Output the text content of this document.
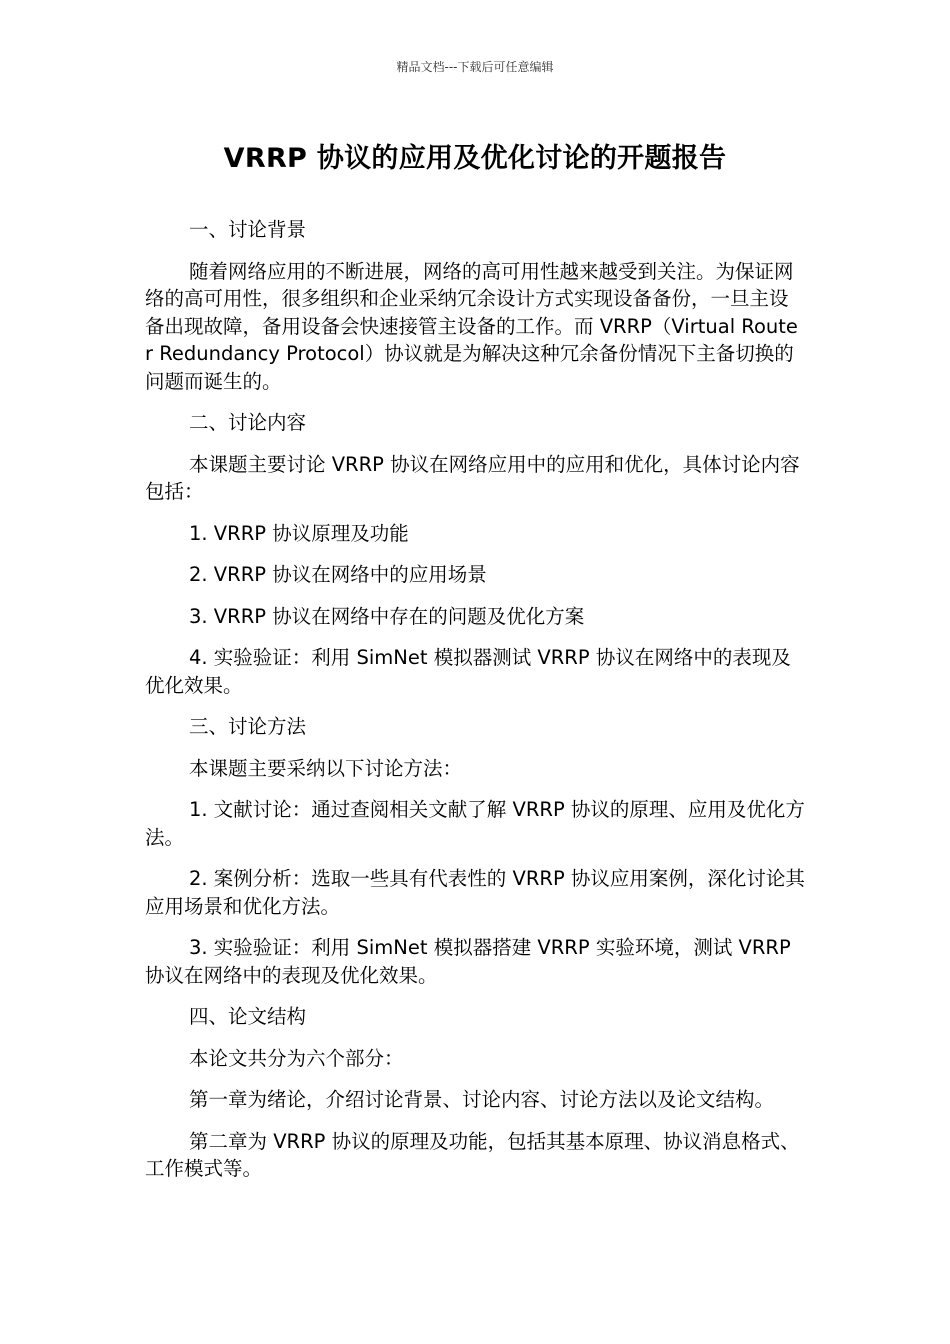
精品文档---下载后可任意编辑
VRRP 协议的应用及优化讨论的开题报告

一、讨论背景

随着网络应用的不断进展，网络的高可用性越来越受到关注。为保证网络的高可用性，很多组织和企业采纳冗余设计方式实现设备备份，一旦主设备出现故障，备用设备会快速接管主设备的工作。而 VRRP（Virtual Router Redundancy Protocol）协议就是为解决这种冗余备份情况下主备切换的问题而诞生的。

二、讨论内容

本课题主要讨论 VRRP 协议在网络应用中的应用和优化，具体讨论内容包括：

1. VRRP 协议原理及功能

2. VRRP 协议在网络中的应用场景

3. VRRP 协议在网络中存在的问题及优化方案

4. 实验验证：利用 SimNet 模拟器测试 VRRP 协议在网络中的表现及优化效果。

三、讨论方法

本课题主要采纳以下讨论方法：

1. 文献讨论：通过查阅相关文献了解 VRRP 协议的原理、应用及优化方法。

2. 案例分析：选取一些具有代表性的 VRRP 协议应用案例，深化讨论其应用场景和优化方法。

3. 实验验证：利用 SimNet 模拟器搭建 VRRP 实验环境，测试 VRRP 协议在网络中的表现及优化效果。

四、论文结构

本论文共分为六个部分：

第一章为绪论，介绍讨论背景、讨论内容、讨论方法以及论文结构。

第二章为 VRRP 协议的原理及功能，包括其基本原理、协议消息格式、工作模式等。
